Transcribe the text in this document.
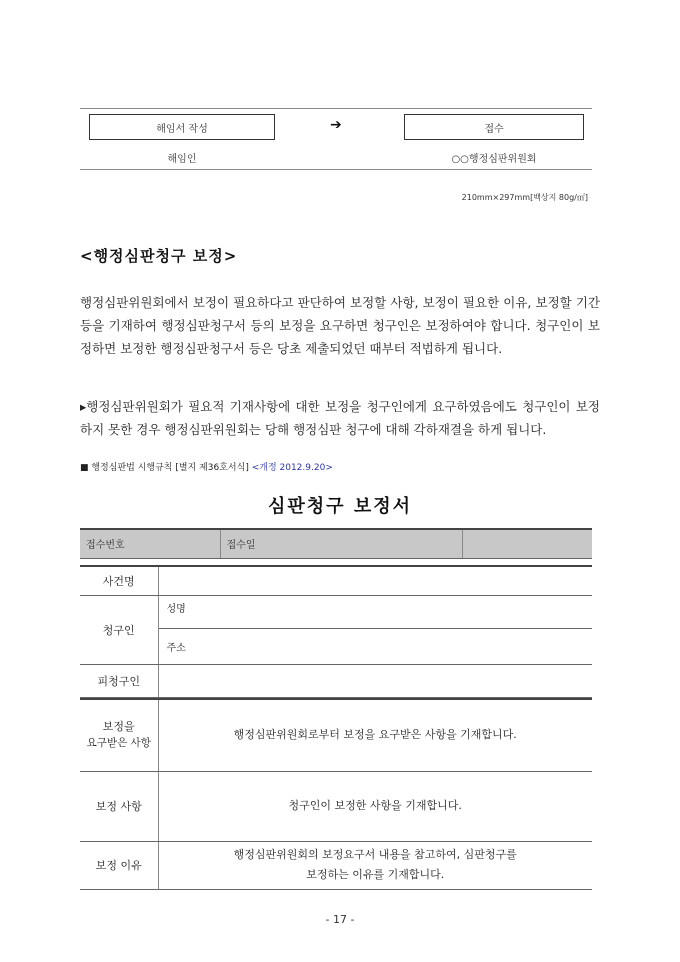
해임서 작성	➔	접수
해임인	○○행정심판위원회
210mm×297mm[백상지 80g/㎡]
<행정심판청구 보정>
행정심판위원회에서 보정이 필요하다고 판단하여 보정할 사항, 보정이 필요한 이유, 보정할 기간 등을 기재하여 행정심판청구서 등의 보정을 요구하면 청구인은 보정하여야 합니다. 청구인이 보정하면 보정한 행정심판청구서 등은 당초 제출되었던 때부터 적법하게 됩니다.
▸행정심판위원회가 필요적 기재사항에 대한 보정을 청구인에게 요구하였음에도 청구인이 보정하지 못한 경우 행정심판위원회는 당해 행정심판 청구에 대해 각하재결을 하게 됩니다.
■ 행정심판법 시행규칙 [별지 제36호서식] <개정 2012.9.20>
심판청구 보정서
접수번호		접수일	

사건명			
청구인	성명		
	주소		
피청구인			

보정을
요구받은 사항	행정심판위원회로부터 보정을 요구받은 사항을 기재합니다.		
보정 사항	청구인이 보정한 사항을 기재합니다.		
보정 이유	행정심판위원회의 보정요구서 내용을 참고하여, 심판청구를
보정하는 이유를 기재합니다.		
- 17 -
